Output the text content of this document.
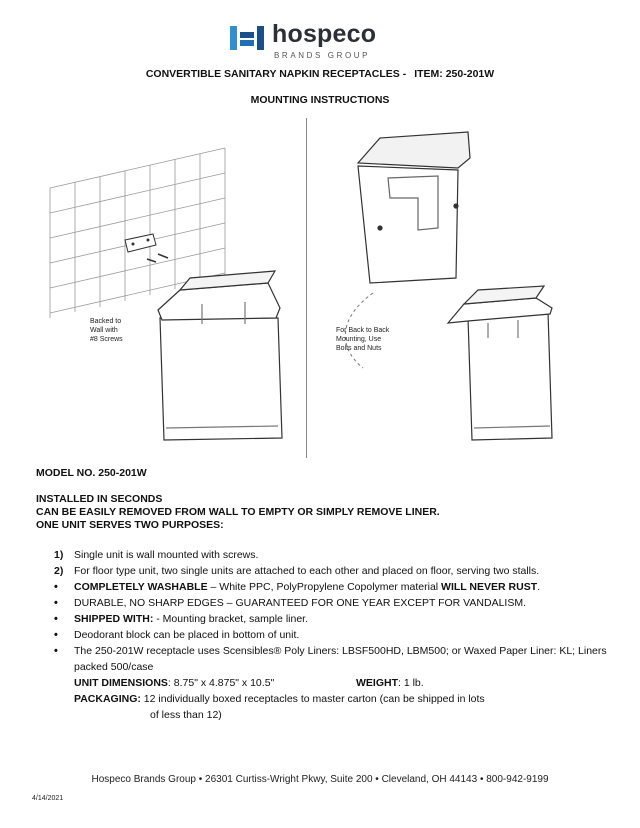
hospeco
BRANDS GROUP
CONVERTIBLE SANITARY NAPKIN RECEPTACLES - ITEM: 250-201W
MOUNTING INSTRUCTIONS
Backed to
Wall with
#8 Screws
For Back to Back
Mounting, Use
Bolts and Nuts
MODEL NO. 250-201W
INSTALLED IN SECONDS
CAN BE EASILY REMOVED FROM WALL TO EMPTY OR SIMPLY REMOVE LINER.
ONE UNIT SERVES TWO PURPOSES:
1) Single unit is wall mounted with screws.
2) For floor type unit, two single units are attached to each other and placed on floor, serving two stalls.
• COMPLETELY WASHABLE – White PPC, PolyPropylene Copolymer material WILL NEVER RUST.
• DURABLE, NO SHARP EDGES – GUARANTEED FOR ONE YEAR EXCEPT FOR VANDALISM.
• SHIPPED WITH: - Mounting bracket, sample liner.
• Deodorant block can be placed in bottom of unit.
• The 250-201W receptacle uses Scensibles® Poly Liners: LBSF500HD, LBM500; or Waxed Paper Liner: KL; Liners packed 500/case
UNIT DIMENSIONS: 8.75" x 4.875" x 10.5"	WEIGHT: 1 lb.
PACKAGING: 12 individually boxed receptacles to master carton (can be shipped in lots
of less than 12)
Hospeco Brands Group • 26301 Curtiss-Wright Pkwy, Suite 200 • Cleveland, OH 44143 • 800-942-9199
4/14/2021
